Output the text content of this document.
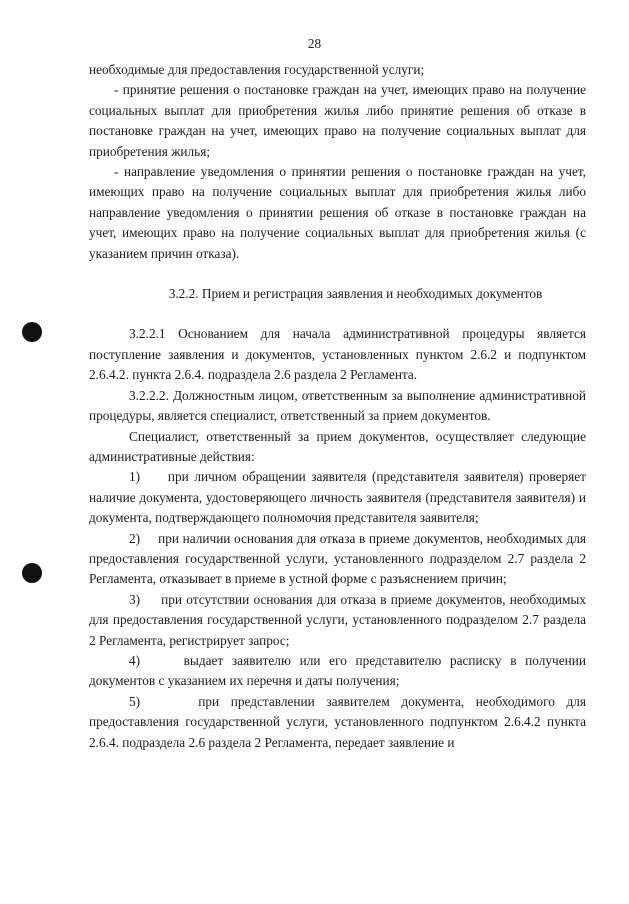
28

необходимые для предоставления государственной услуги;

- принятие решения о постановке граждан на учет, имеющих право на получение социальных выплат для приобретения жилья либо принятие решения об отказе в постановке граждан на учет, имеющих право на получение социальных выплат для приобретения жилья;

- направление уведомления о принятии решения о постановке граждан на учет, имеющих право на получение социальных выплат для приобретения жилья либо направление уведомления о принятии решения об отказе в постановке граждан на учет, имеющих право на получение социальных выплат для приобретения жилья (с указанием причин отказа).

3.2.2. Прием и регистрация заявления и необходимых документов

3.2.2.1 Основанием для начала административной процедуры является поступление заявления и документов, установленных пунктом 2.6.2 и подпунктом 2.6.4.2. пункта 2.6.4. подраздела 2.6 раздела 2 Регламента.

3.2.2.2. Должностным лицом, ответственным за выполнение административной процедуры, является специалист, ответственный за прием документов.

Специалист, ответственный за прием документов, осуществляет следующие административные действия:

1)     при личном обращении заявителя (представителя заявителя) проверяет наличие документа, удостоверяющего личность заявителя (представителя заявителя) и документа, подтверждающего полномочия представителя заявителя;

2)     при наличии основания для отказа в приеме документов, необходимых для предоставления государственной услуги, установленного подразделом 2.7 раздела 2 Регламента, отказывает в приеме в устной форме с разъяснением причин;

3)     при отсутствии основания для отказа в приеме документов, необходимых для предоставления государственной услуги, установленного подразделом 2.7 раздела 2 Регламента, регистрирует запрос;

4)     выдает заявителю или его представителю расписку в получении документов с указанием их перечня и даты получения;

5)     при представлении заявителем документа, необходимого для предоставления государственной услуги, установленного подпунктом 2.6.4.2 пункта 2.6.4. подраздела 2.6 раздела 2 Регламента, передает заявление и
